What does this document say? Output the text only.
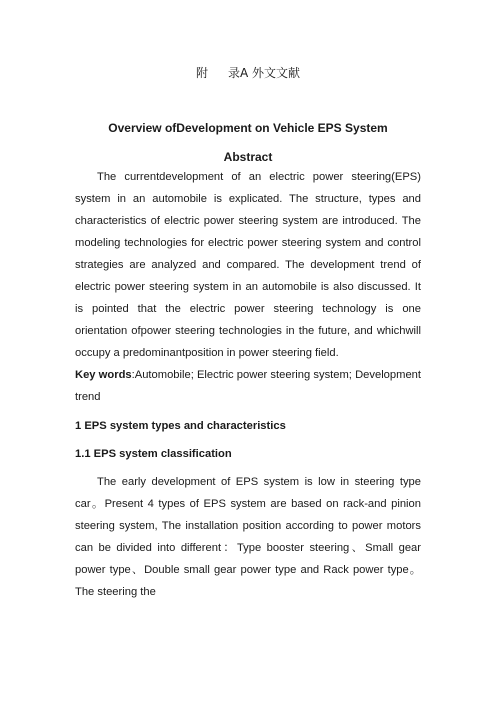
附 录A 外文文献
Overview ofDevelopment on Vehicle EPS System
Abstract

The currentdevelopment of an electric power steering(EPS) system in an automobile is explicated. The structure, types and characteristics of electric power steering system are introduced. The modeling technologies for electric power steering system and control strategies are analyzed and compared. The development trend of electric power steering system in an automobile is also discussed. It is pointed that the electric power steering technology is one orientation ofpower steering technologies in the future, and whichwill occupy a predominantposition in power steering field.

Key words:Automobile; Electric power steering system; Development trend

1 EPS system types and characteristics

1.1 EPS system classification

The early development of EPS system is low in steering type car。Present 4 types of EPS system are based on rack-and pinion steering system, The installation position according to power motors can be divided into different：Type booster steering、Small gear power type、Double small gear power type and Rack power type。The steering the
